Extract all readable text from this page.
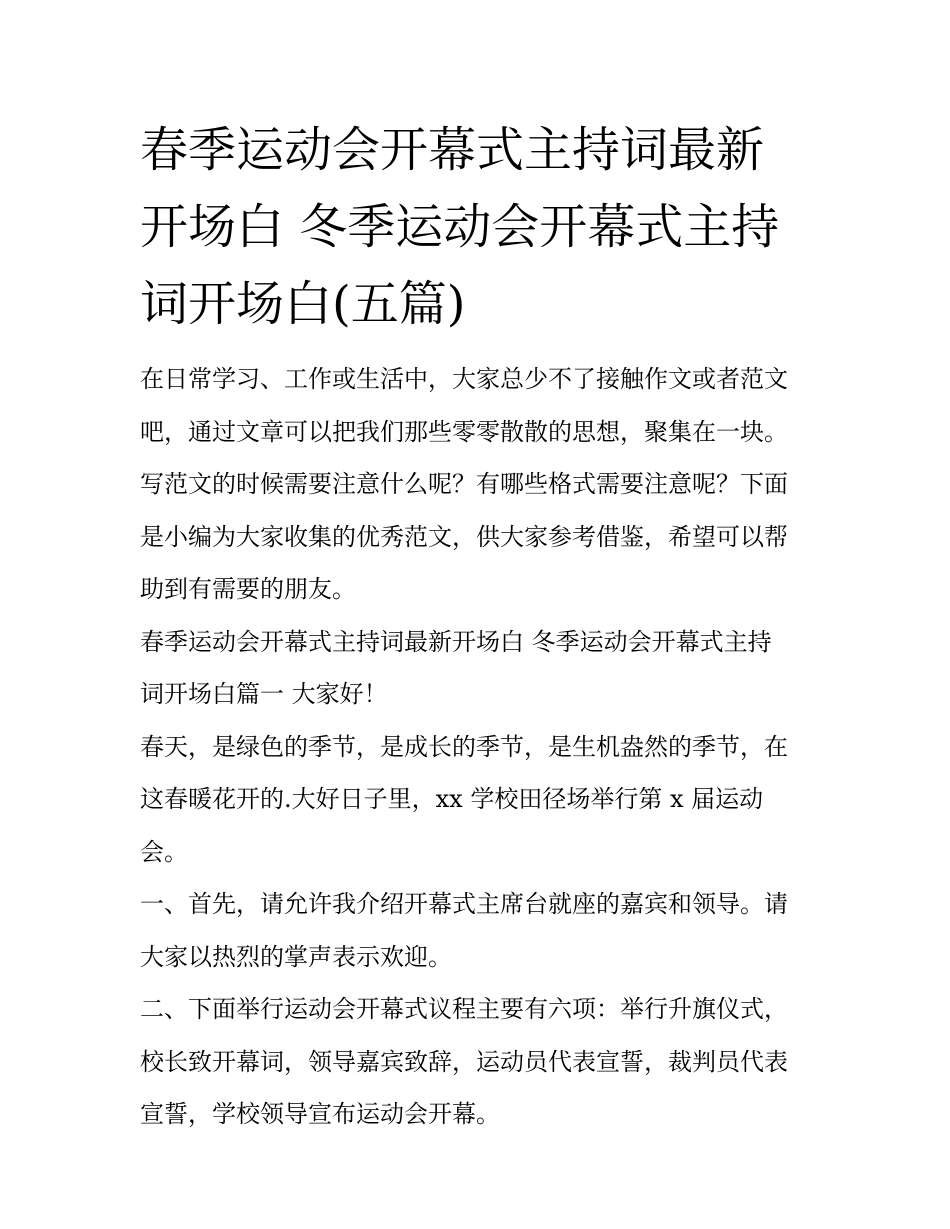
春季运动会开幕式主持词最新
开场白 冬季运动会开幕式主持
词开场白(五篇)

在日常学习、工作或生活中，大家总少不了接触作文或者范文
吧，通过文章可以把我们那些零零散散的思想，聚集在一块。
写范文的时候需要注意什么呢？有哪些格式需要注意呢？下面
是小编为大家收集的优秀范文，供大家参考借鉴，希望可以帮
助到有需要的朋友。

春季运动会开幕式主持词最新开场白 冬季运动会开幕式主持
词开场白篇一 大家好！

春天，是绿色的季节，是成长的季节，是生机盎然的季节，在
这春暖花开的.大好日子里，xx 学校田径场举行第 x 届运动
会。

一、首先，请允许我介绍开幕式主席台就座的嘉宾和领导。请
大家以热烈的掌声表示欢迎。

二、下面举行运动会开幕式议程主要有六项：举行升旗仪式，
校长致开幕词，领导嘉宾致辞，运动员代表宣誓，裁判员代表
宣誓，学校领导宣布运动会开幕。
